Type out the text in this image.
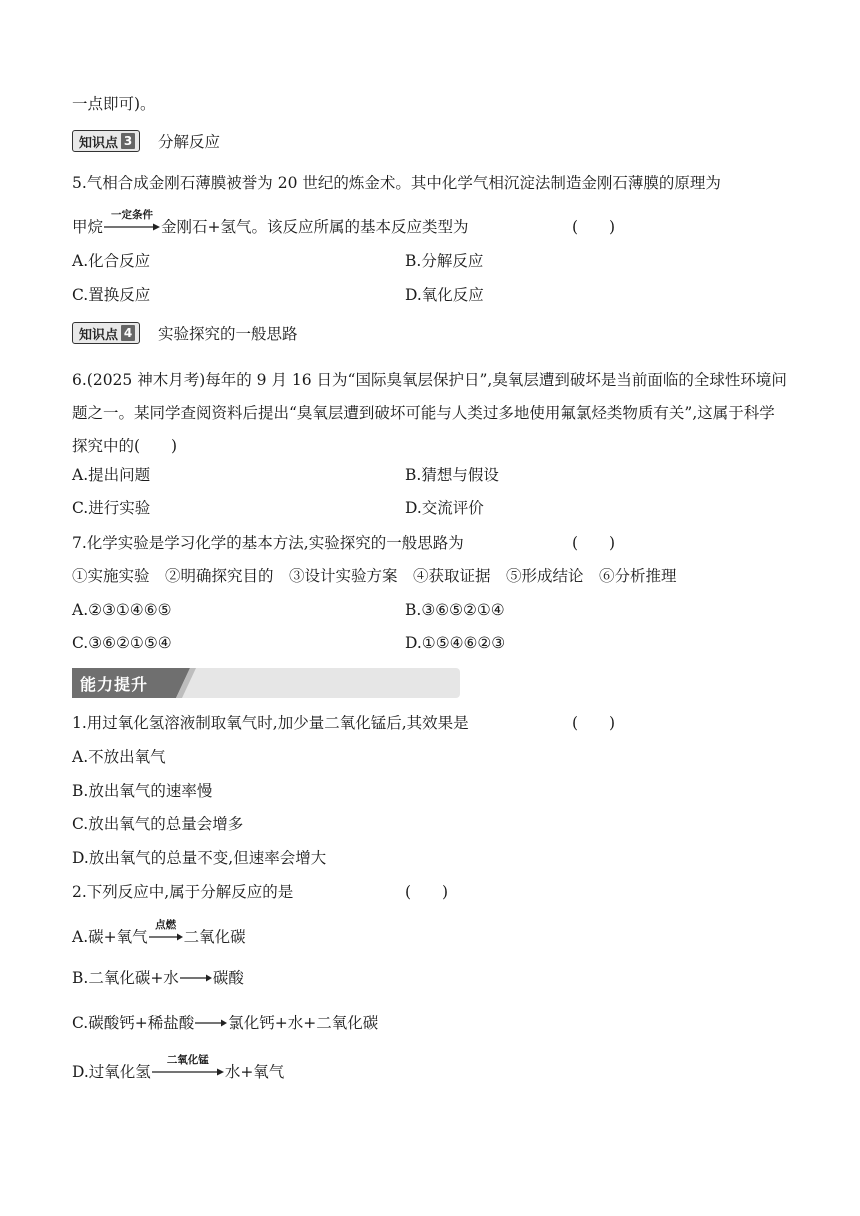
一点即可)。
知识点 3 分解反应
5.气相合成金刚石薄膜被誉为 20 世纪的炼金术。其中化学气相沉淀法制造金刚石薄膜的原理为
甲烷
一定条件
金刚石+氢气。该反应所属的基本反应类型为	(　　)
A.化合反应	B.分解反应
C.置换反应	D.氧化反应
知识点 4 实验探究的一般思路
6.(2025 神木月考)每年的 9 月 16 日为“国际臭氧层保护日”,臭氧层遭到破坏是当前面临的全球性环境问题之一。某同学查阅资料后提出“臭氧层遭到破坏可能与人类过多地使用氟氯烃类物质有关”,这属于科学探究中的(　　)
A.提出问题	B.猜想与假设
C.进行实验	D.交流评价
7.化学实验是学习化学的基本方法,实验探究的一般思路为	(　　)
①实施实验　②明确探究目的　③设计实验方案　④获取证据　⑤形成结论　⑥分析推理
A.②③①④⑥⑤	B.③⑥⑤②①④
C.③⑥②①⑤④	D.①⑤④⑥②③
能力提升
1.用过氧化氢溶液制取氧气时,加少量二氧化锰后,其效果是	(　　)
A.不放出氧气
B.放出氧气的速率慢
C.放出氧气的总量会增多
D.放出氧气的总量不变,但速率会增大
2.下列反应中,属于分解反应的是	(　　)
A.碳+氧气
点燃
二氧化碳
B.二氧化碳+水→碳酸
C.碳酸钙+稀盐酸→氯化钙+水+二氧化碳
D.过氧化氢
二氧化锰
水+氧气
